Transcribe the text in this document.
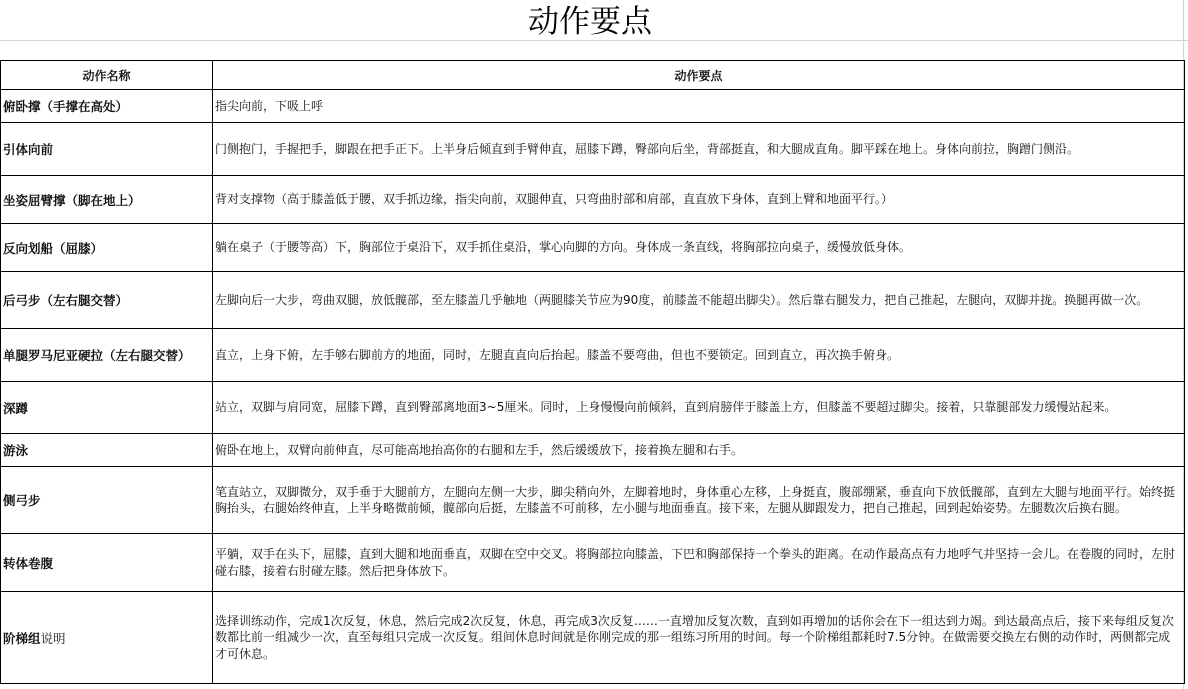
动作要点
动作名称	动作要点
俯卧撑（手撑在高处）	指尖向前，下吸上呼
引体向前	门侧抱门，手握把手，脚跟在把手正下。上半身后倾直到手臂伸直，屈膝下蹲，臀部向后坐，背部挺直，和大腿成直角。脚平踩在地上。身体向前拉，胸蹭门侧沿。
坐姿屈臂撑（脚在地上）	背对支撑物（高于膝盖低于腰，双手抓边缘，指尖向前，双腿伸直，只弯曲肘部和肩部，直直放下身体，直到上臂和地面平行。）
反向划船（屈膝）	躺在桌子（于腰等高）下，胸部位于桌沿下，双手抓住桌沿，掌心向脚的方向。身体成一条直线，将胸部拉向桌子，缓慢放低身体。
后弓步（左右腿交替）	左脚向后一大步，弯曲双腿，放低髋部，至左膝盖几乎触地（两腿膝关节应为90度，前膝盖不能超出脚尖）。然后靠右腿发力，把自己推起，左腿向，双脚并拢。换腿再做一次。
单腿罗马尼亚硬拉（左右腿交替）	直立，上身下俯，左手够右脚前方的地面，同时，左腿直直向后抬起。膝盖不要弯曲，但也不要锁定。回到直立，再次换手俯身。
深蹲	站立，双脚与肩同宽，屈膝下蹲，直到臀部离地面3~5厘米。同时，上身慢慢向前倾斜，直到肩膀伴于膝盖上方，但膝盖不要超过脚尖。接着，只靠腿部发力缓慢站起来。
游泳	俯卧在地上，双臂向前伸直，尽可能高地抬高你的右腿和左手，然后缓缓放下，接着换左腿和右手。
侧弓步	笔直站立，双脚微分，双手垂于大腿前方，左腿向左侧一大步，脚尖稍向外，左脚着地时，身体重心左移，上身挺直，腹部绷紧，垂直向下放低髋部，直到左大腿与地面平行。始终挺胸抬头，右腿始终伸直，上半身略微前倾，髋部向后挺，左膝盖不可前移，左小腿与地面垂直。接下来，左腿从脚跟发力，把自己推起，回到起始姿势。左腿数次后换右腿。
转体卷腹	平躺，双手在头下，屈膝，直到大腿和地面垂直，双脚在空中交叉。将胸部拉向膝盖，下巴和胸部保持一个拳头的距离。在动作最高点有力地呼气并坚持一会儿。在卷腹的同时，左肘碰右膝，接着右肘碰左膝。然后把身体放下。
阶梯组说明	选择训练动作，完成1次反复，休息，然后完成2次反复，休息，再完成3次反复……一直增加反复次数，直到如再增加的话你会在下一组达到力竭。到达最高点后，接下来每组反复次数都比前一组减少一次，直至每组只完成一次反复。组间休息时间就是你刚完成的那一组练习所用的时间。每一个阶梯组都耗时7.5分钟。在做需要交换左右侧的动作时，两侧都完成才可休息。
